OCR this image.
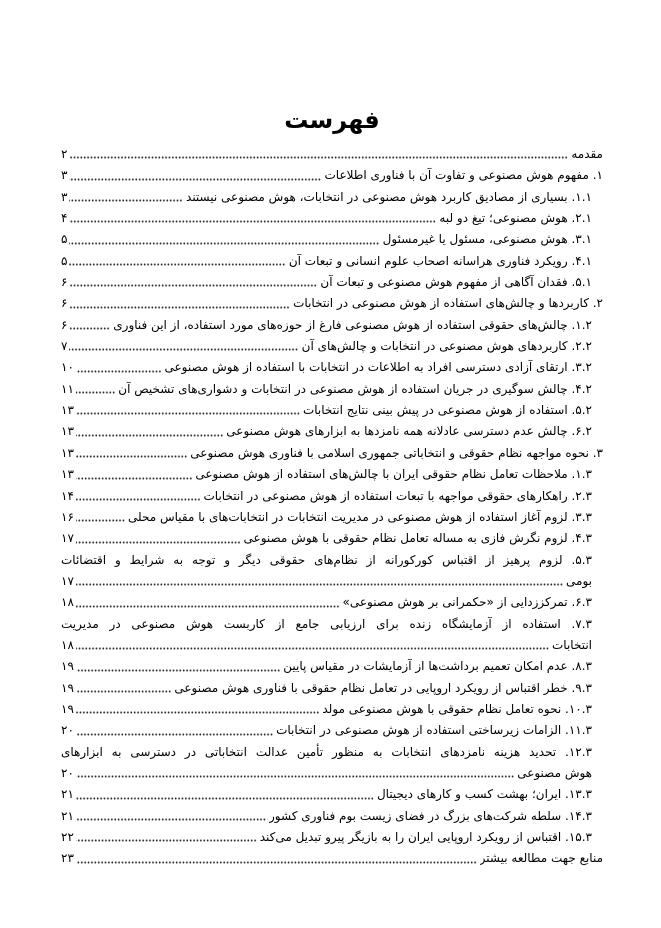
فهرست
مقدمه
۲
۱. مفهوم هوش مصنوعی و تفاوت آن با فناوری اطلاعات
۳
۱.۱. بسیاری از مصادیق کاربرد هوش مصنوعی در انتخابات، هوش مصنوعی نیستند
۳
۲.۱. هوش مصنوعی؛ تیغ دو لبه
۴
۳.۱. هوش مصنوعی، مسئول یا غیرمسئول
۵
۴.۱. رویکرد فناوری هراسانه اصحاب علوم انسانی و تبعات آن
۵
۵.۱. فقدان آگاهی از مفهوم هوش مصنوعی و تبعات آن
۶
۲. کاربردها و چالش‌های استفاده از هوش مصنوعی در انتخابات
۶
۱.۲. چالش‌های حقوقی استفاده از هوش مصنوعی فارغ از حوزه‌های مورد استفاده، از این فناوری
۶
۲.۲. کاربردهای هوش مصنوعی در انتخابات و چالش‌های آن
۷
۳.۲. ارتقای آزادی دسترسی افراد به اطلاعات در انتخابات با استفاده از هوش مصنوعی
۱۰
۴.۲. چالش سوگیری در جریان استفاده از هوش مصنوعی در انتخابات و دشواری‌های تشخیص آن
۱۱
۵.۲. استفاده از هوش مصنوعی در پیش بینی نتایج انتخابات
۱۳
۶.۲. چالش عدم دسترسی عادلانه همه نامزدها به ابزارهای هوش مصنوعی
۱۳
۳. نحوه مواجهه نظام حقوقی و انتخاباتی جمهوری اسلامی با فناوری هوش مصنوعی
۱۳
۱.۳. ملاحظات تعامل نظام حقوقی ایران با چالش‌های استفاده از هوش مصنوعی
۱۳
۲.۳. راهکارهای حقوقی مواجهه با تبعات استفاده از هوش مصنوعی در انتخابات
۱۴
۳.۳. لزوم آغاز استفاده از هوش مصنوعی در مدیریت انتخابات در انتخابات‌های با مقیاس محلی
۱۶
۴.۳. لزوم نگرش فازی به مساله تعامل نظام حقوقی با هوش مصنوعی
۱۷
۵.۳. لزوم پرهیز از اقتباس کورکورانه از نظام‌های حقوقی دیگر و توجه به شرایط و اقتضائات
بومی
۱۷
۶.۳. تمرکززدایی از «حکمرانی بر هوش مصنوعی»
۱۸
۷.۳. استفاده از آزمایشگاه زنده برای ارزیابی جامع از کاربست هوش مصنوعی در مدیریت
انتخابات
۱۸
۸.۳. عدم امکان تعمیم برداشت‌ها از آزمایشات در مقیاس پایین
۱۹
۹.۳. خطر اقتباس از رویکرد اروپایی در تعامل نظام حقوقی با فناوری هوش مصنوعی
۱۹
۱۰.۳. نحوه تعامل نظام حقوقی با هوش مصنوعی مولد
۱۹
۱۱.۳. الزامات زیرساختی استفاده از هوش مصنوعی در انتخابات
۲۰
۱۲.۳. تحدید هزینه نامزدهای انتخابات به منظور تأمین عدالت انتخاباتی در دسترسی به ابزارهای
هوش مصنوعی
۲۰
۱۳.۳. ایران؛ بهشت کسب و کارهای دیجیتال
۲۱
۱۴.۳. سلطه شرکت‌های بزرگ در فضای زیست بوم فناوری کشور
۲۱
۱۵.۳. اقتباس از رویکرد اروپایی ایران را به بازیگر پیرو تبدیل می‌کند
۲۲
منابع جهت مطالعه بیشتر
۲۳
